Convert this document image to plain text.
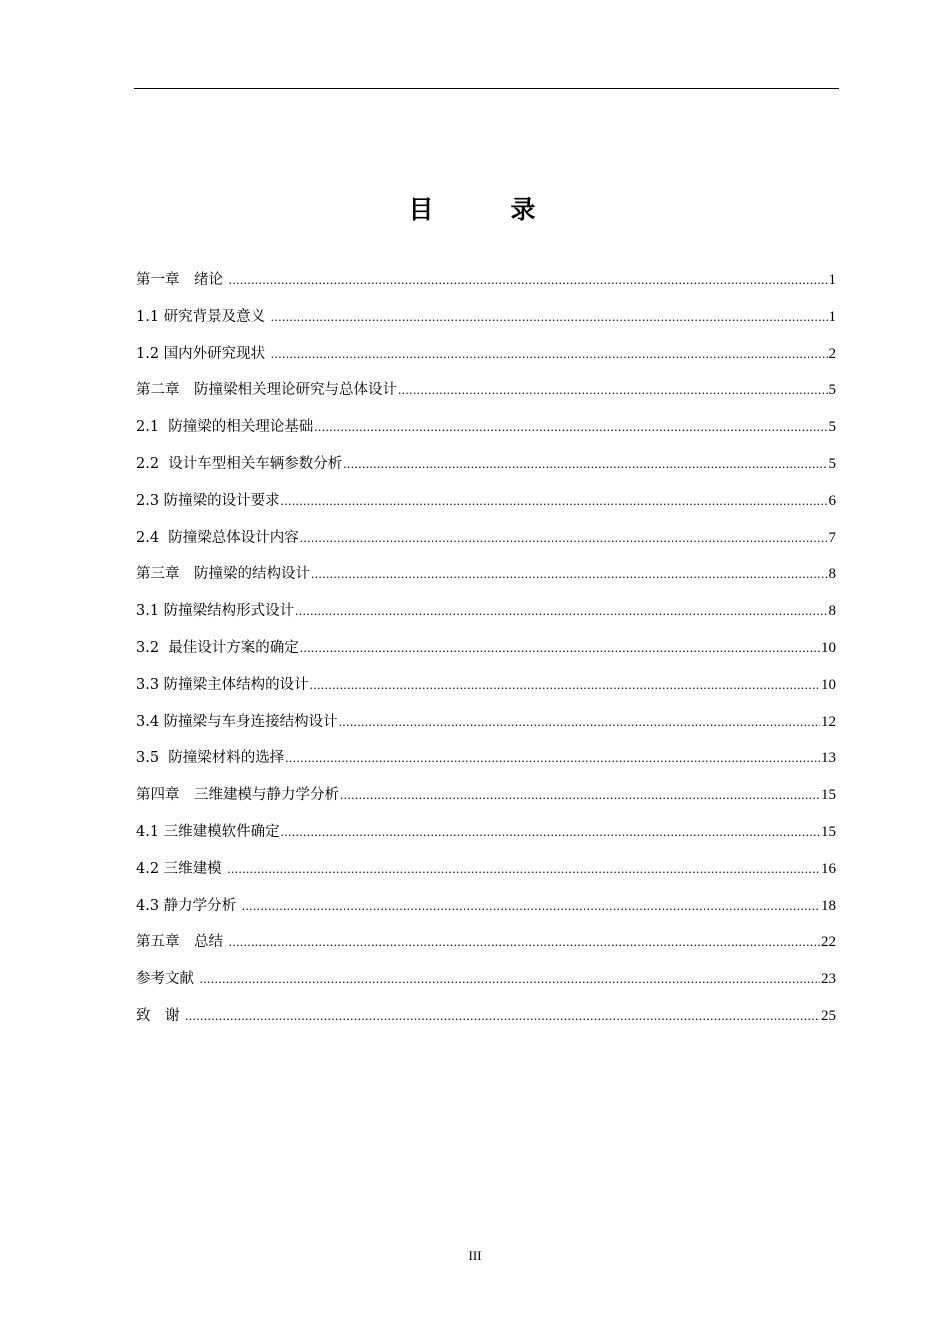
目　录
第一章　绪论 .....	1
1.1 研究背景及意义 .....	1
1.2 国内外研究现状 .....	2
第二章　防撞梁相关理论研究与总体设计 .....	5
2.1  防撞梁的相关理论基础 .....	5
2.2  设计车型相关车辆参数分析 .....	5
2.3 防撞梁的设计要求 .....	6
2.4  防撞梁总体设计内容 .....	7
第三章　防撞梁的结构设计 .....	8
3.1 防撞梁结构形式设计 .....	8
3.2  最佳设计方案的确定 .....	10
3.3 防撞梁主体结构的设计 .....	10
3.4 防撞梁与车身连接结构设计 .....	12
3.5  防撞梁材料的选择 .....	13
第四章　三维建模与静力学分析 .....	15
4.1 三维建模软件确定 .....	15
4.2 三维建模 .....	16
4.3 静力学分析 .....	18
第五章　总结 .....	22
参考文献 .....	23
致　谢 .....	25
III
